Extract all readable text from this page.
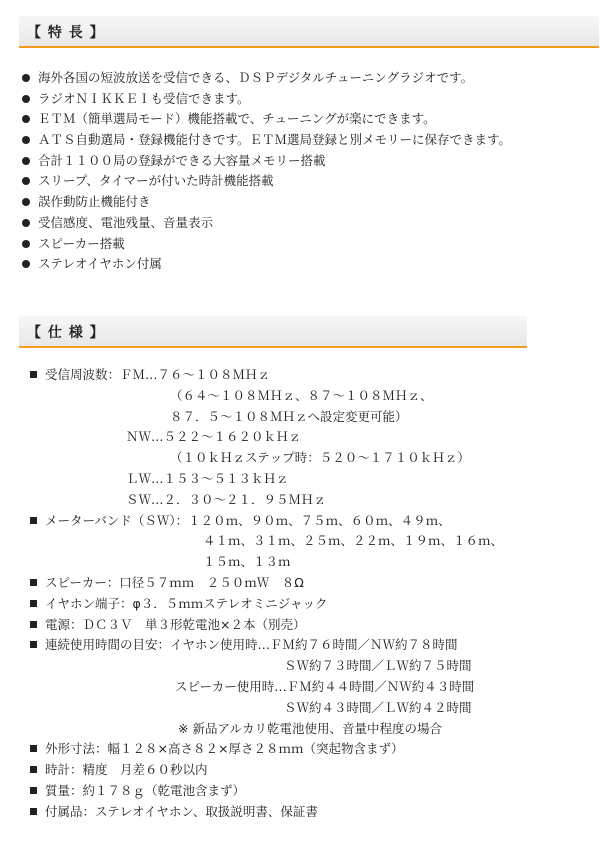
【 特 長 】
海外各国の短波放送を受信できる、ＤＳＰデジタルチューニングラジオです。
ラジオＮＩＫＫＥＩも受信できます。
ＥＴＭ（簡単選局モード）機能搭載で、チューニングが楽にできます。
ＡＴＳ自動選局・登録機能付きです。ＥＴＭ選局登録と別メモリーに保存できます。
合計１１００局の登録ができる大容量メモリー搭載
スリープ、タイマーが付いた時計機能搭載
誤作動防止機能付き
受信感度、電池残量、音量表示
スピーカー搭載
ステレオイヤホン付属
【 仕 様 】
受信周波数：ＦＭ…７６～１０８ＭＨｚ
（６４～１０８ＭＨｚ、８７～１０８ＭＨｚ、
８７．５～１０８ＭＨｚへ設定変更可能）
ＮＷ…５２２～１６２０ｋＨｚ
（１０ｋＨｚステップ時：５２０～１７１０ｋＨｚ）
ＬＷ…１５３～５１３ｋＨｚ
ＳＷ…２．３０～２１．９５ＭＨｚ
メーターバンド（ＳＷ）：１２０ｍ、９０ｍ、７５ｍ、６０ｍ、４９ｍ、
４１ｍ、３１ｍ、２５ｍ、２２ｍ、１９ｍ、１６ｍ、
１５ｍ、１３ｍ
スピーカー：口径５７ｍｍ　２５０ｍＷ　８Ω
イヤホン端子：φ３．５ｍｍステレオミニジャック
電源：ＤＣ３Ｖ　単３形乾電池×２本（別売）
連続使用時間の目安：イヤホン使用時…ＦＭ約７６時間／ＮＷ約７８時間
ＳＷ約７３時間／ＬＷ約７５時間
スピーカー使用時…ＦＭ約４４時間／ＮＷ約４３時間
ＳＷ約４３時間／ＬＷ約４２時間
※ 新品アルカリ乾電池使用、音量中程度の場合
外形寸法：幅１２８×高さ８２×厚さ２８ｍｍ（突起物含まず）
時計：精度　月差６０秒以内
質量：約１７８ｇ（乾電池含まず）
付属品：ステレオイヤホン、取扱説明書、保証書
